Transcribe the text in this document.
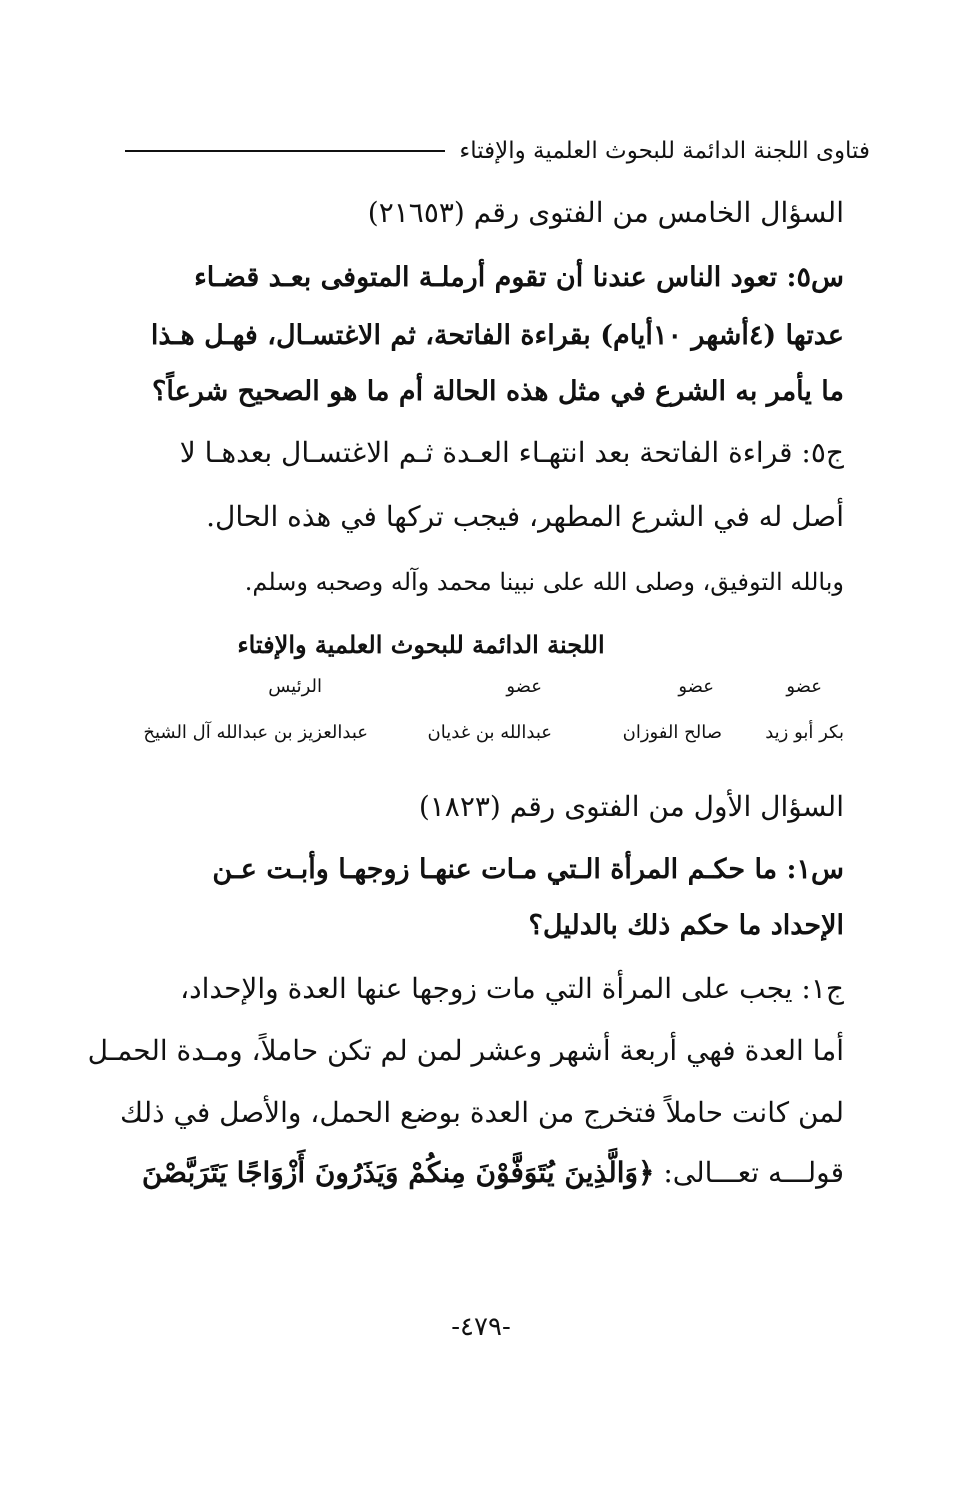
فتاوى اللجنة الدائمة للبحوث العلمية والإفتاء
السؤال الخامس من الفتوى رقم (٢١٦٥٣)
س٥: تعود الناس عندنا أن تقوم أرملـة المتوفى بعـد قضـاء
عدتها (٤أشهر ١٠أيام) بقراءة الفاتحة، ثم الاغتسـال، فهـل هـذا
ما يأمر به الشرع في مثل هذه الحالة أم ما هو الصحيح شرعاً؟
ج٥: قراءة الفاتحة بعد انتهـاء العـدة ثـم الاغتسـال بعدهـا لا
أصل له في الشرع المطهر، فيجب تركها في هذه الحال.
وبالله التوفيق، وصلى الله على نبينا محمد وآله وصحبه وسلم.
اللجنة الدائمة للبحوث العلمية والإفتاء
عضو
عضو
عضو
الرئيس
بكر أبو زيد
صالح الفوزان
عبدالله بن غديان
عبدالعزيز بن عبدالله آل الشيخ
السؤال الأول من الفتوى رقم (١٨٢٣)
س١: ما حكـم المرأة الـتي مـات عنهـا زوجهـا وأبـت عـن
الإحداد ما حكم ذلك بالدليل؟
ج١: يجب على المرأة التي مات زوجها عنها العدة والإحداد،
أما العدة فهي أربعة أشهر وعشر لمن لم تكن حاملاً، ومـدة الحمـل
لمن كانت حاملاً فتخرج من العدة بوضع الحمل، والأصل في ذلك
قولـــه تعـــالى: ﴿وَالَّذِينَ يُتَوَفَّوْنَ مِنكُمْ وَيَذَرُونَ أَزْوَاجًا يَتَرَبَّصْنَ
-٤٧٩-
